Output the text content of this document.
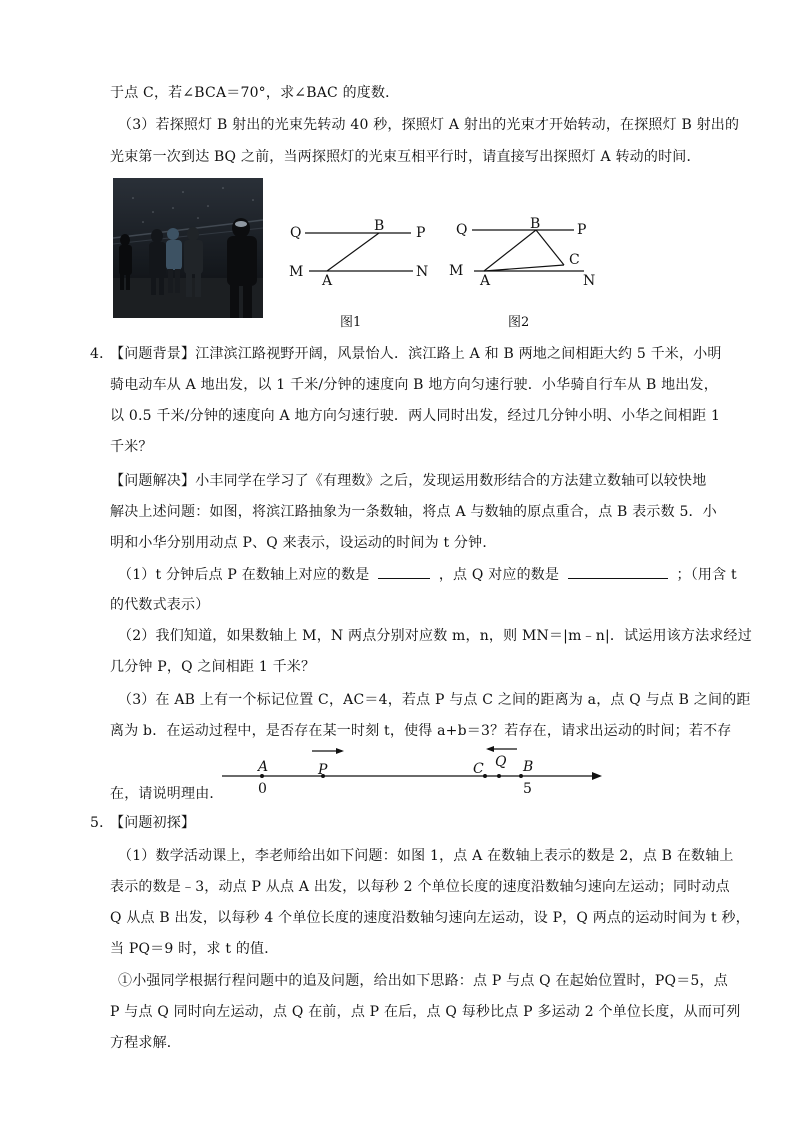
于点 C，若∠BCA＝70°，求∠BAC 的度数．
（3）若探照灯 B 射出的光束先转动 40 秒，探照灯 A 射出的光束才开始转动，在探照灯 B 射出的
光束第一次到达 BQ 之前，当两探照灯的光束互相平行时，请直接写出探照灯 A 转动的时间．
Q	B P
M
A
N
图1
Q	B	P
M
C
A	N
图2
4．
【问题背景】江津滨江路视野开阔，风景怡人．滨江路上 A 和 B 两地之间相距大约 5 千米，小明
骑电动车从 A 地出发，以 1 千米/分钟的速度向 B 地方向匀速行驶．小华骑自行车从 B 地出发，
以 0.5 千米/分钟的速度向 A 地方向匀速行驶．两人同时出发，经过几分钟小明、小华之间相距 1
千米？
【问题解决】小丰同学在学习了《有理数》之后，发现运用数形结合的方法建立数轴可以较快地
解决上述问题：如图，将滨江路抽象为一条数轴，将点 A 与数轴的原点重合，点 B 表示数 5．小
明和小华分别用动点 P、Q 来表示，设运动的时间为 t 分钟．
（1）t 分钟后点 P 在数轴上对应的数是	，点 Q 对应的数是	；（用含 t
的代数式表示）
（2）我们知道，如果数轴上 M，N 两点分别对应数 m，n，则 MN＝|m﹣n|．试运用该方法求经过
几分钟 P，Q 之间相距 1 千米？
（3）在 AB 上有一个标记位置 C，AC＝4，若点 P 与点 C 之间的距离为 a，点 Q 与点 B 之间的距
离为 b．在运动过程中，是否存在某一时刻 t，使得 a+b＝3？若存在，请求出运动的时间；若不存
在，请说明理由．
A	P	C Q B
0	5
5．
【问题初探】
（1）数学活动课上，李老师给出如下问题：如图 1，点 A 在数轴上表示的数是 2，点 B 在数轴上
表示的数是﹣3，动点 P 从点 A 出发，以每秒 2 个单位长度的速度沿数轴匀速向左运动；同时动点
Q 从点 B 出发，以每秒 4 个单位长度的速度沿数轴匀速向左运动，设 P，Q 两点的运动时间为 t 秒，
当 PQ＝9 时，求 t 的值．
①小强同学根据行程问题中的追及问题，给出如下思路：点 P 与点 Q 在起始位置时，PQ＝5，点
P 与点 Q 同时向左运动，点 Q 在前，点 P 在后，点 Q 每秒比点 P 多运动 2 个单位长度，从而可列
方程求解．
